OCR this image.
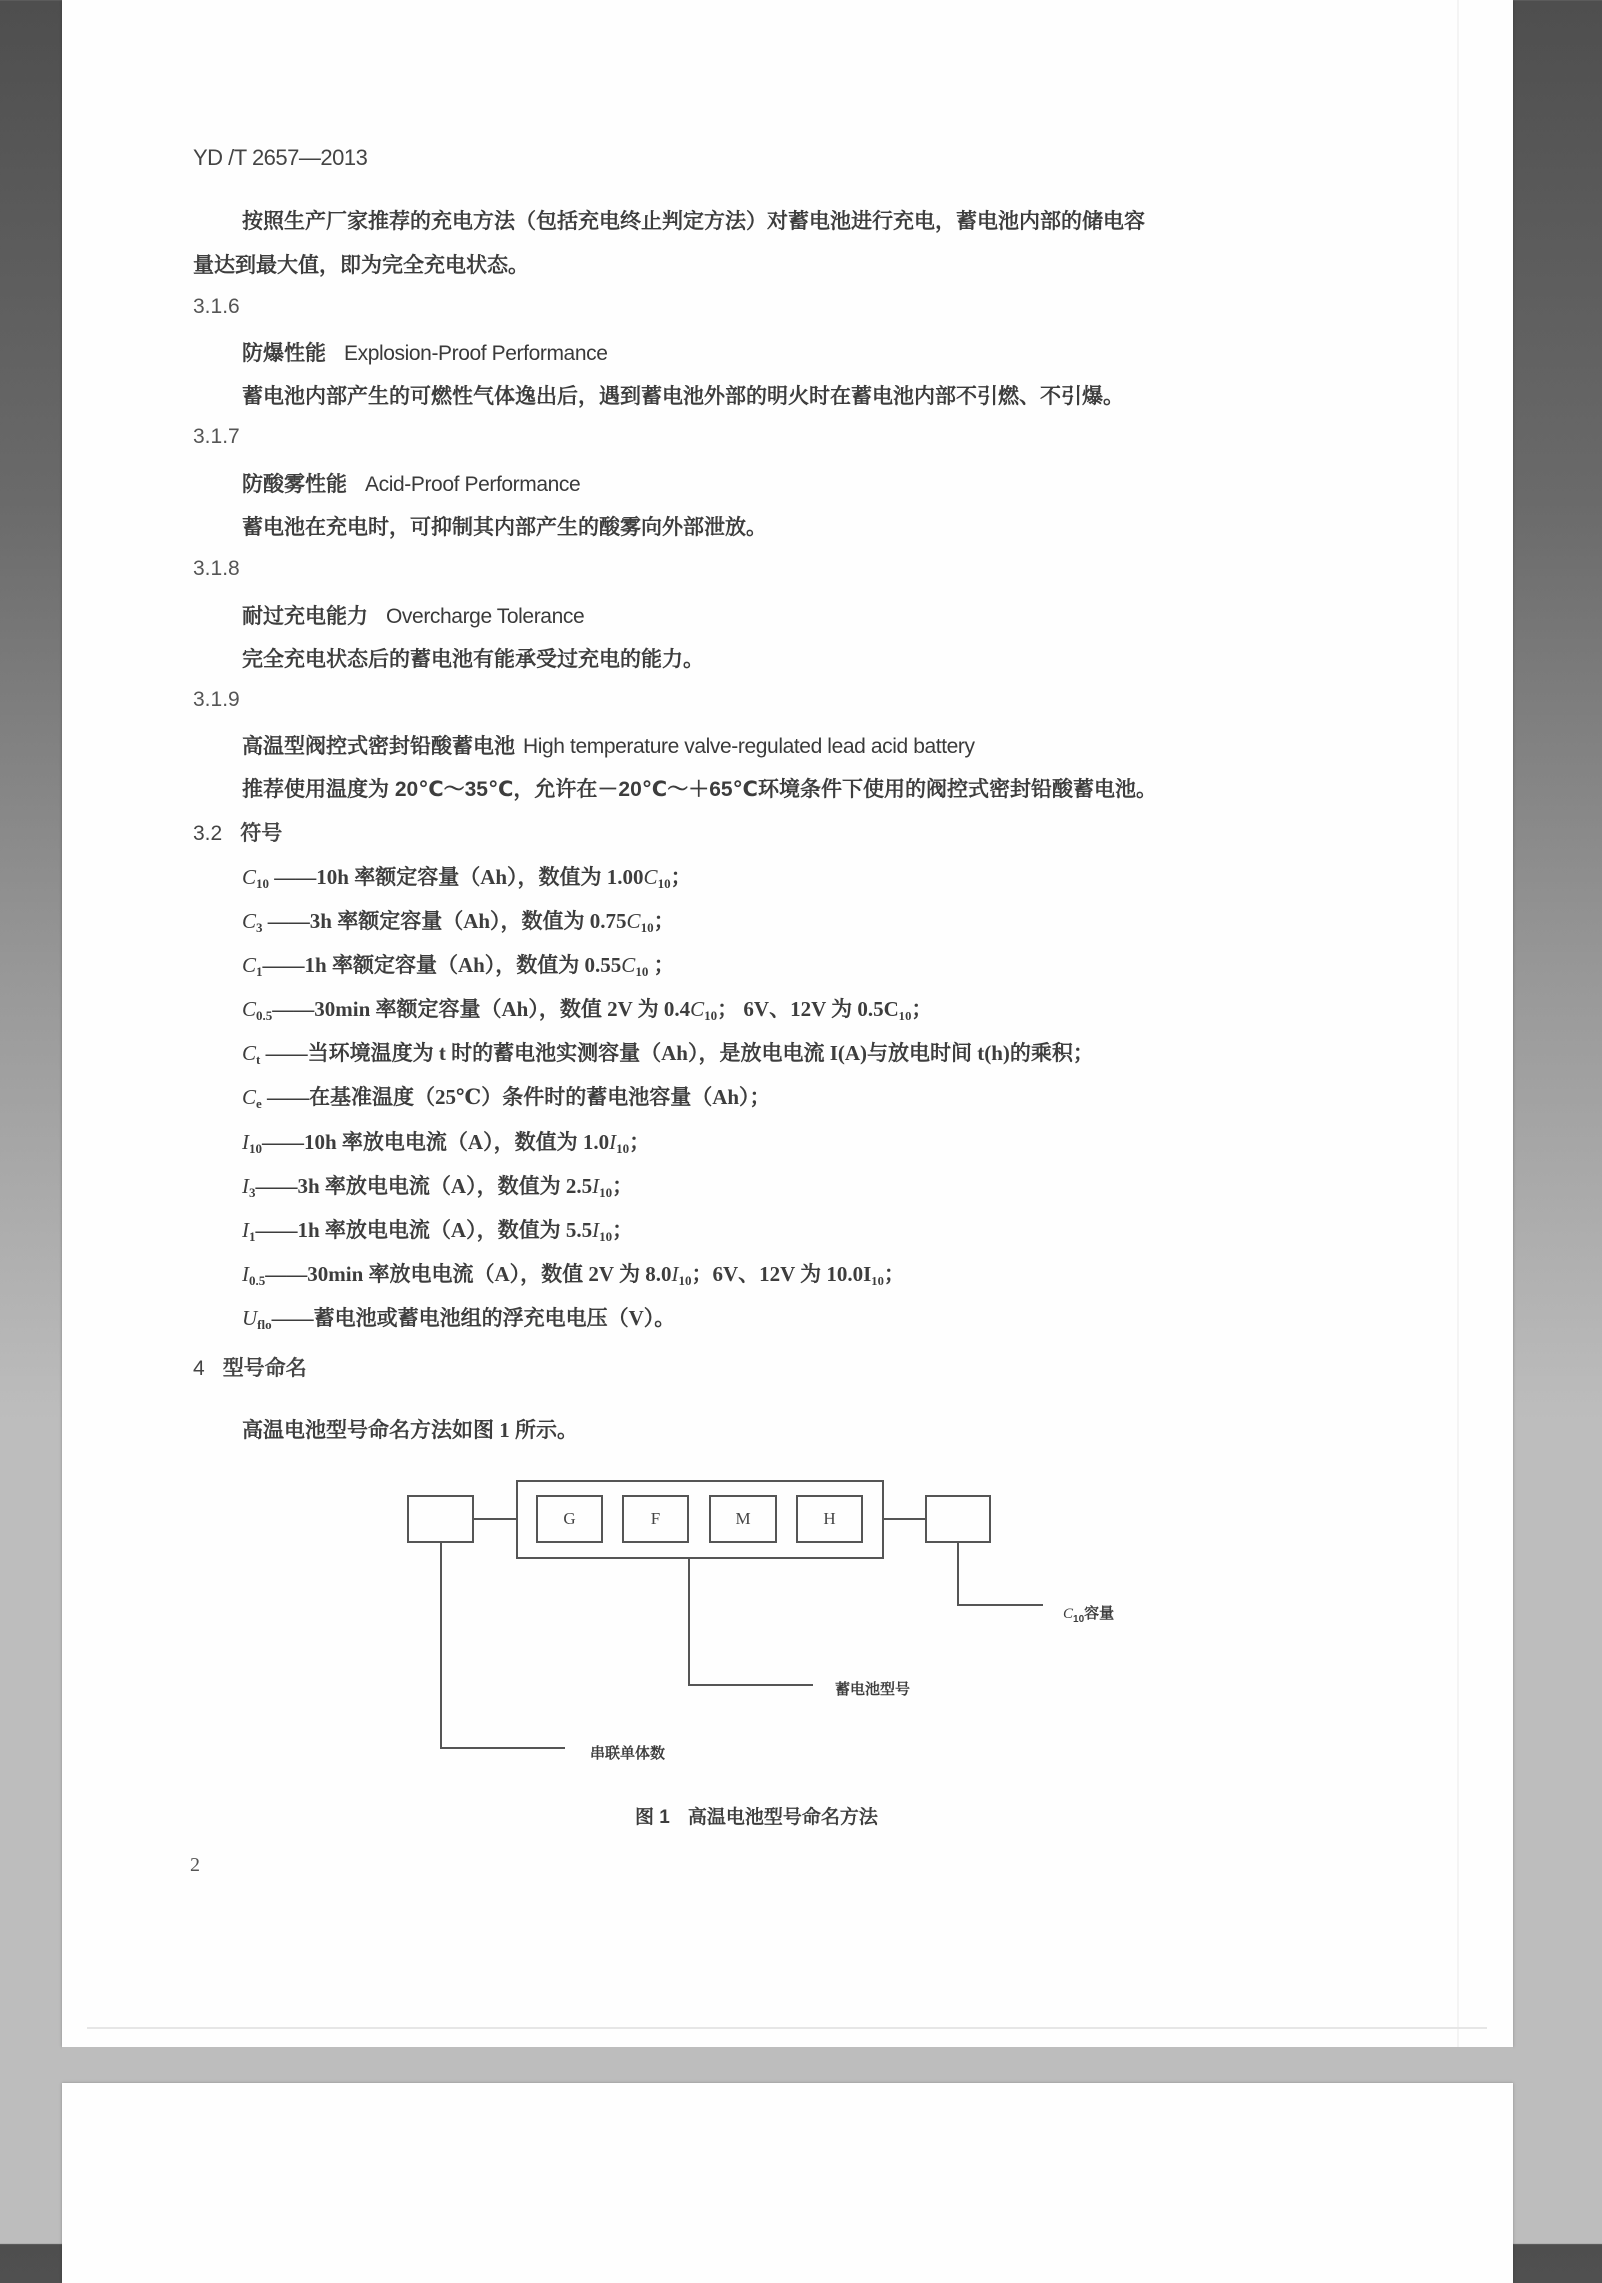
YD /T 2657—2013
按照生产厂家推荐的充电方法（包括充电终止判定方法）对蓄电池进行充电，蓄电池内部的储电容
量达到最大值，即为完全充电状态。
3.1.6
防爆性能 Explosion-Proof Performance
蓄电池内部产生的可燃性气体逸出后，遇到蓄电池外部的明火时在蓄电池内部不引燃、不引爆。
3.1.7
防酸雾性能 Acid-Proof Performance
蓄电池在充电时，可抑制其内部产生的酸雾向外部泄放。
3.1.8
耐过充电能力 Overcharge Tolerance
完全充电状态后的蓄电池有能承受过充电的能力。
3.1.9
高温型阀控式密封铅酸蓄电池 High temperature valve-regulated lead acid battery
推荐使用温度为 20℃～35℃，允许在－20℃～＋65℃环境条件下使用的阀控式密封铅酸蓄电池。
3.2 符号
$C_{10}$ ——10h 率额定容量（Ah），数值为 $1.00C_{10}$；
$C_3$ ——3h 率额定容量（Ah），数值为 $0.75C_{10}$；
$C_1——1h$ 率额定容量（Ah），数值为 $0.55C_{10}$ ；
$C_{0.5}——30\min$ 率额定容量（Ah），数值 2V 为 $0.4C_{10}$； 6V、12V 为 0.5C₁₀；
$C_t$ ——当环境温度为 t 时的蓄电池实测容量（Ah），是放电电流 I(A)与放电时间 t(h)的乘积；
$C_e$ ——在基准温度（25℃）条件时的蓄电池容量（Ah）；
$I_{10}——10h$ 率放电电流（A），数值为 $1.0I_{10}$；
$I_3——3h$ 率放电电流（A），数值为 $2.5I_{10}$；
$I_1——1h$ 率放电电流（A），数值为 $5.5I_{10}$；
$I_{0.5}——30\min$ 率放电电流（A），数值 2V 为 $8.0I_{10}$；6V、12V 为 10.0I₁₀；
$U_{flo}——$蓄电池或蓄电池组的浮充电电压（V）。
4 型号命名
高温电池型号命名方法如图 1 所示。
G	F	M	H
$C_{10}$容量
蓄电池型号
串联单体数
图 1 高温电池型号命名方法
2
